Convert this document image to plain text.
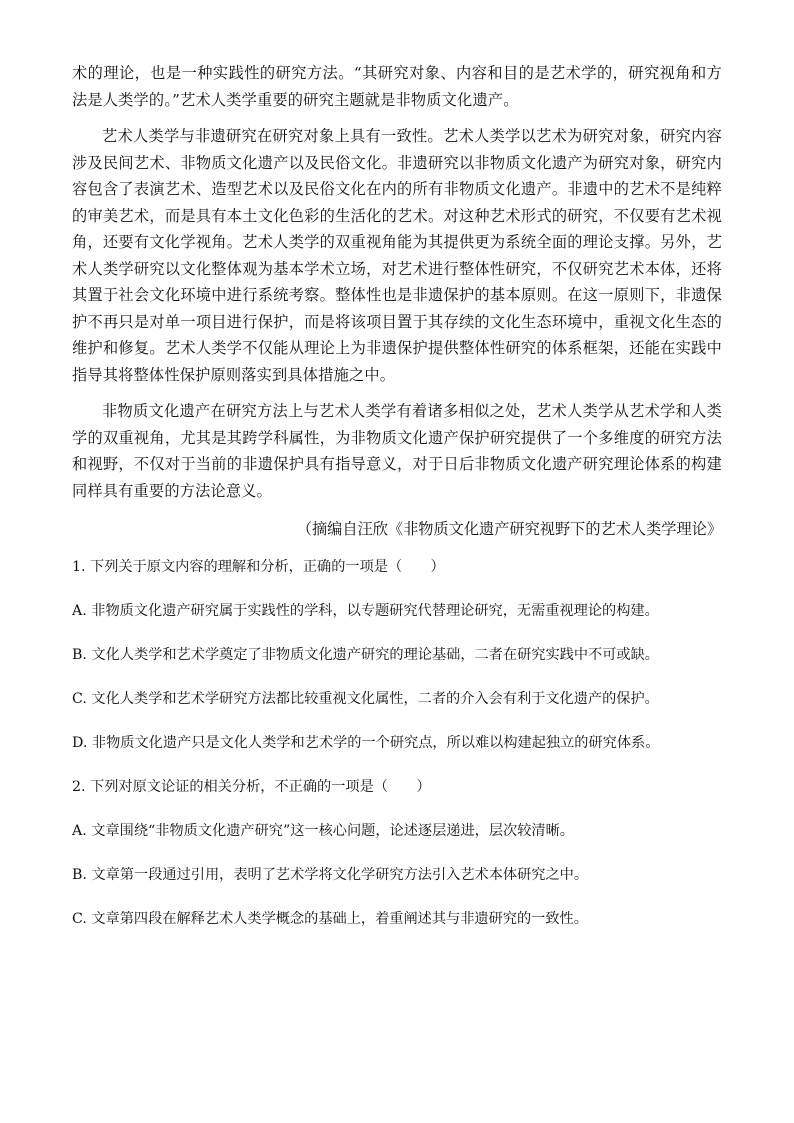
术的理论，也是一种实践性的研究方法。“其研究对象、内容和目的是艺术学的，研究视角和方法是人类学的。”艺术人类学重要的研究主题就是非物质文化遗产。

艺术人类学与非遗研究在研究对象上具有一致性。艺术人类学以艺术为研究对象，研究内容涉及民间艺术、非物质文化遗产以及民俗文化。非遗研究以非物质文化遗产为研究对象，研究内容包含了表演艺术、造型艺术以及民俗文化在内的所有非物质文化遗产。非遗中的艺术不是纯粹的审美艺术，而是具有本土文化色彩的生活化的艺术。对这种艺术形式的研究，不仅要有艺术视角，还要有文化学视角。艺术人类学的双重视角能为其提供更为系统全面的理论支撑。另外，艺术人类学研究以文化整体观为基本学术立场，对艺术进行整体性研究，不仅研究艺术本体，还将其置于社会文化环境中进行系统考察。整体性也是非遗保护的基本原则。在这一原则下，非遗保护不再只是对单一项目进行保护，而是将该项目置于其存续的文化生态环境中，重视文化生态的维护和修复。艺术人类学不仅能从理论上为非遗保护提供整体性研究的体系框架，还能在实践中指导其将整体性保护原则落实到具体措施之中。

非物质文化遗产在研究方法上与艺术人类学有着诸多相似之处，艺术人类学从艺术学和人类学的双重视角，尤其是其跨学科属性，为非物质文化遗产保护研究提供了一个多维度的研究方法和视野，不仅对于当前的非遗保护具有指导意义，对于日后非物质文化遗产研究理论体系的构建同样具有重要的方法论意义。

（摘编自汪欣《非物质文化遗产研究视野下的艺术人类学理论》

1. 下列关于原文内容的理解和分析，正确的一项是（　　）

A. 非物质文化遗产研究属于实践性的学科，以专题研究代替理论研究，无需重视理论的构建。

B. 文化人类学和艺术学奠定了非物质文化遗产研究的理论基础，二者在研究实践中不可或缺。

C. 文化人类学和艺术学研究方法都比较重视文化属性，二者的介入会有利于文化遗产的保护。

D. 非物质文化遗产只是文化人类学和艺术学的一个研究点，所以难以构建起独立的研究体系。

2. 下列对原文论证的相关分析，不正确的一项是（　　）

A. 文章围绕“非物质文化遗产研究”这一核心问题，论述逐层递进，层次较清晰。

B. 文章第一段通过引用，表明了艺术学将文化学研究方法引入艺术本体研究之中。

C. 文章第四段在解释艺术人类学概念的基础上，着重阐述其与非遗研究的一致性。
